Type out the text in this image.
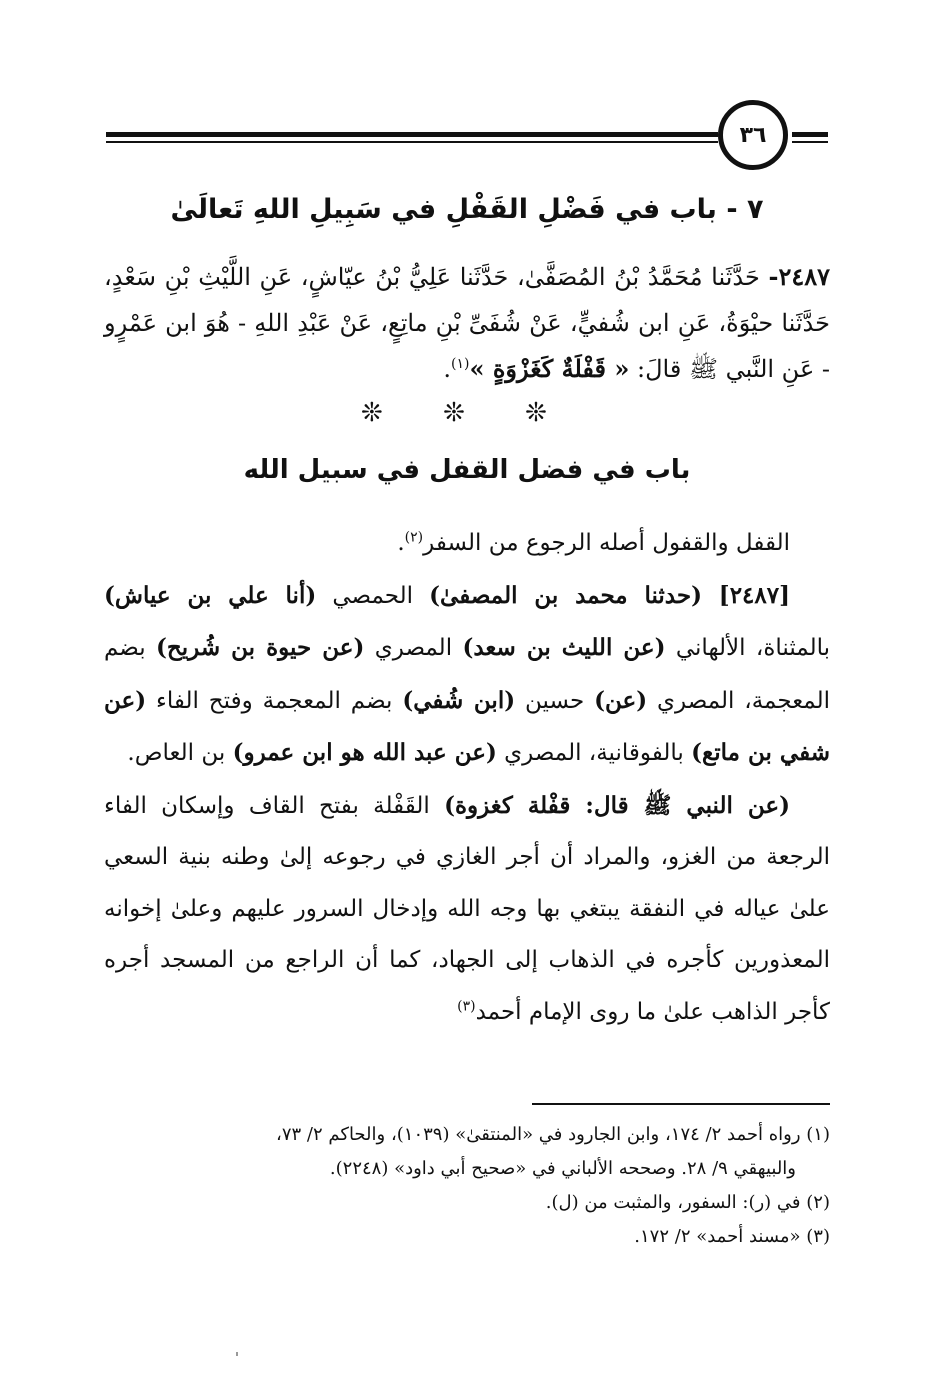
٣٦
٧ - باب في فَضْلِ القَفْلِ في سَبِيلِ اللهِ تَعالَىٰ
٢٤٨٧- حَدَّثَنا مُحَمَّدُ بْنُ المُصَفَّىٰ، حَدَّثَنا عَلِيُّ بْنُ عيّاشٍ، عَنِ اللَّيْثِ بْنِ سَعْدٍ، حَدَّثَنا حيْوَةُ، عَنِ ابن شُفيٍّ، عَنْ شُفَىِّ بْنِ ماتِعٍ، عَنْ عَبْدِ اللهِ - هُوَ ابن عَمْرٍو - عَنِ النَّبي ﷺ قالَ: « قَفْلَةٌ كَغَزْوَةٍ »$^{(١)}$.
❊ ❊ ❊
باب في فضل القفل في سبيل الله

القفل والقفول أصله الرجوع من السفر$^{(٢)}$.

[٢٤٨٧] (حدثنا محمد بن المصفىٰ) الحمصي (أنا علي بن عياش) بالمثناة، الألهاني (عن الليث بن سعد) المصري (عن حيوة بن شُريح) بضم المعجمة، المصري (عن) حسين (ابن شُفي) بضم المعجمة وفتح الفاء (عن شفي بن ماتع) بالفوقانية، المصري (عن عبد الله هو ابن عمرو) بن العاص.

(عن النبي ﷺ قال: قفْلة كغزوة) القَفْلة بفتح القاف وإسكان الفاء الرجعة من الغزو، والمراد أن أجر الغازي في رجوعه إلىٰ وطنه بنية السعي علىٰ عياله في النفقة يبتغي بها وجه الله وإدخال السرور عليهم وعلىٰ إخوانه المعذورين كأجره في الذهاب إلى الجهاد، كما أن الراجع من المسجد أجره كأجر الذاهب علىٰ ما روى الإمام أحمد$^{(٣)}$

(١) رواه أحمد ٢/ ١٧٤، وابن الجارود في «المنتقىٰ» (١٠٣٩)، والحاكم ٢/ ٧٣،

والبيهقي ٩/ ٢٨. وصححه الألباني في «صحيح أبي داود» (٢٢٤٨).

(٢) في (ر): السفور، والمثبت من (ل).

(٣) «مسند أحمد» ٢/ ١٧٢.
